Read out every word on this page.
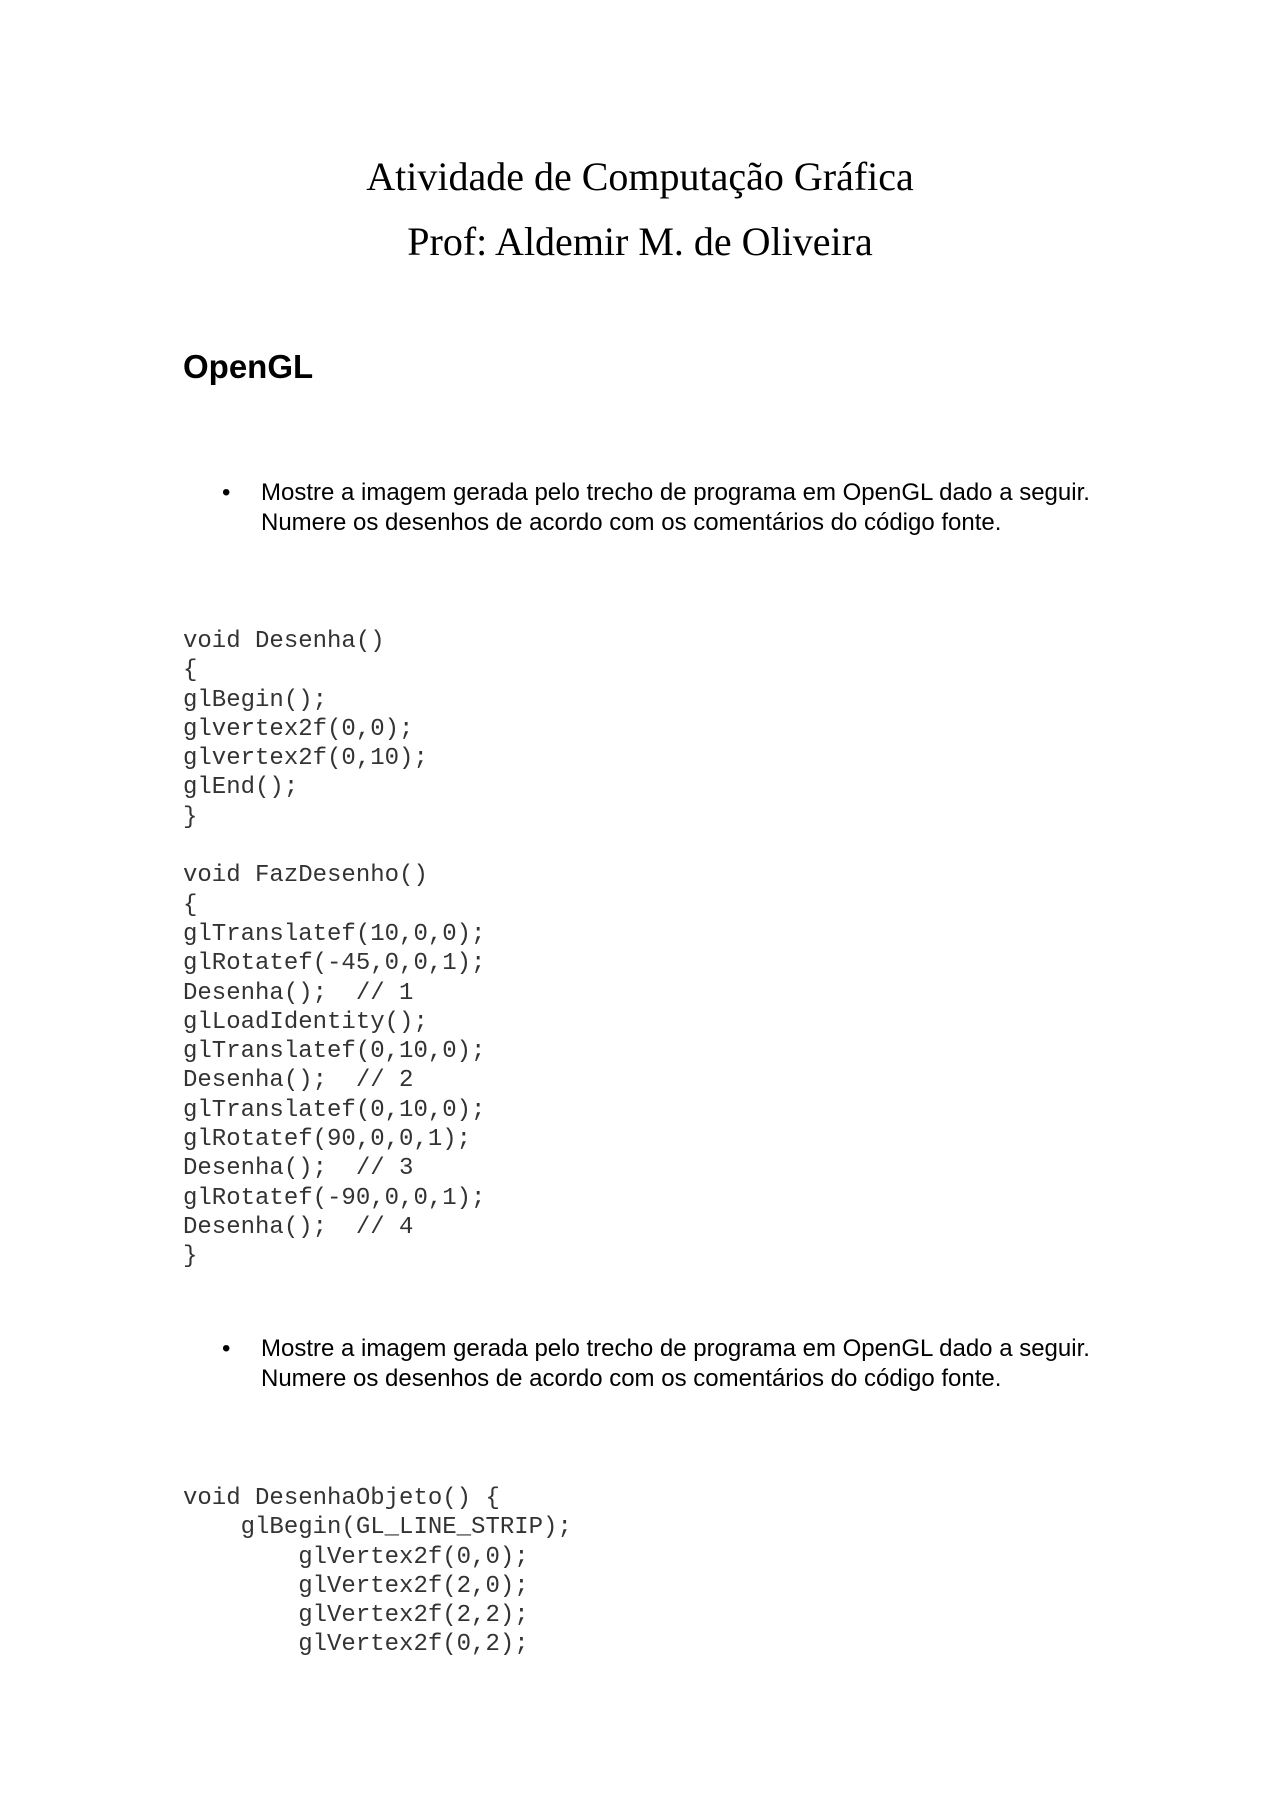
Atividade de Computação Gráfica
Prof: Aldemir M. de Oliveira
OpenGL
• Mostre a imagem gerada pelo trecho de programa em OpenGL dado a seguir. Numere os desenhos de acordo com os comentários do código fonte.
void Desenha()
{
glBegin();
glvertex2f(0,0);
glvertex2f(0,10);
glEnd();
}

void FazDesenho()
{
glTranslatef(10,0,0);
glRotatef(-45,0,0,1);
Desenha();  // 1
glLoadIdentity();
glTranslatef(0,10,0);
Desenha();  // 2
glTranslatef(0,10,0);
glRotatef(90,0,0,1);
Desenha();  // 3
glRotatef(-90,0,0,1);
Desenha();  // 4
}
• Mostre a imagem gerada pelo trecho de programa em OpenGL dado a seguir. Numere os desenhos de acordo com os comentários do código fonte.
void DesenhaObjeto() {
glBegin(GL_LINE_STRIP);
glVertex2f(0,0);
glVertex2f(2,0);
glVertex2f(2,2);
glVertex2f(0,2);
